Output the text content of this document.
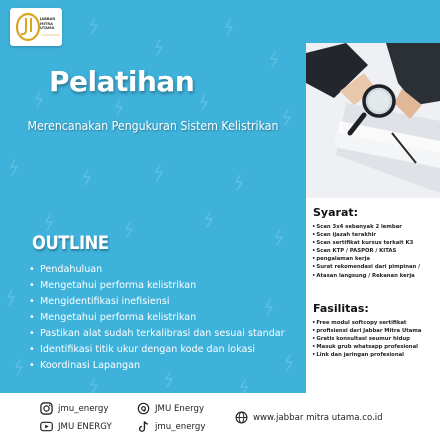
JABBAR
MITRA
UTAMA
Pelatihan
Merencanakan Pengukuran Sistem Kelistrikan
OUTLINE
• Pendahuluan
• Mengetahui performa kelistrikan
• Mengidentifikasi inefisiensi
• Mengetahui performa kelistrikan
• Pastikan alat sudah terkalibrasi dan sesuai standar
• Identifikasi titik ukur dengan kode dan lokasi
• Koordinasi Lapangan
Syarat:
•Scan 3x4 sebanyak 2 lembar
•Scan ijazah terakhir
•Scan sertifikat kursus terkait K3
•Scan KTP / PASPOR / KITAS
•pengalaman kerja
•Surat rekomendasi dari pimpinan /
•Atasan langsung / Rekanan kerja
Fasilitas:
•Free modul softcopy sertifikat
•profisiensi dari Jabbar Mitra Utama
•Gratis konsultasi seumur hidup
•Masuk grub whatsapp profesional
•Link dan jaringan profesional
jmu_energy
JMU ENERGY
JMU Energy
jmu_energy
www.jabbar mitra utama.co.id
